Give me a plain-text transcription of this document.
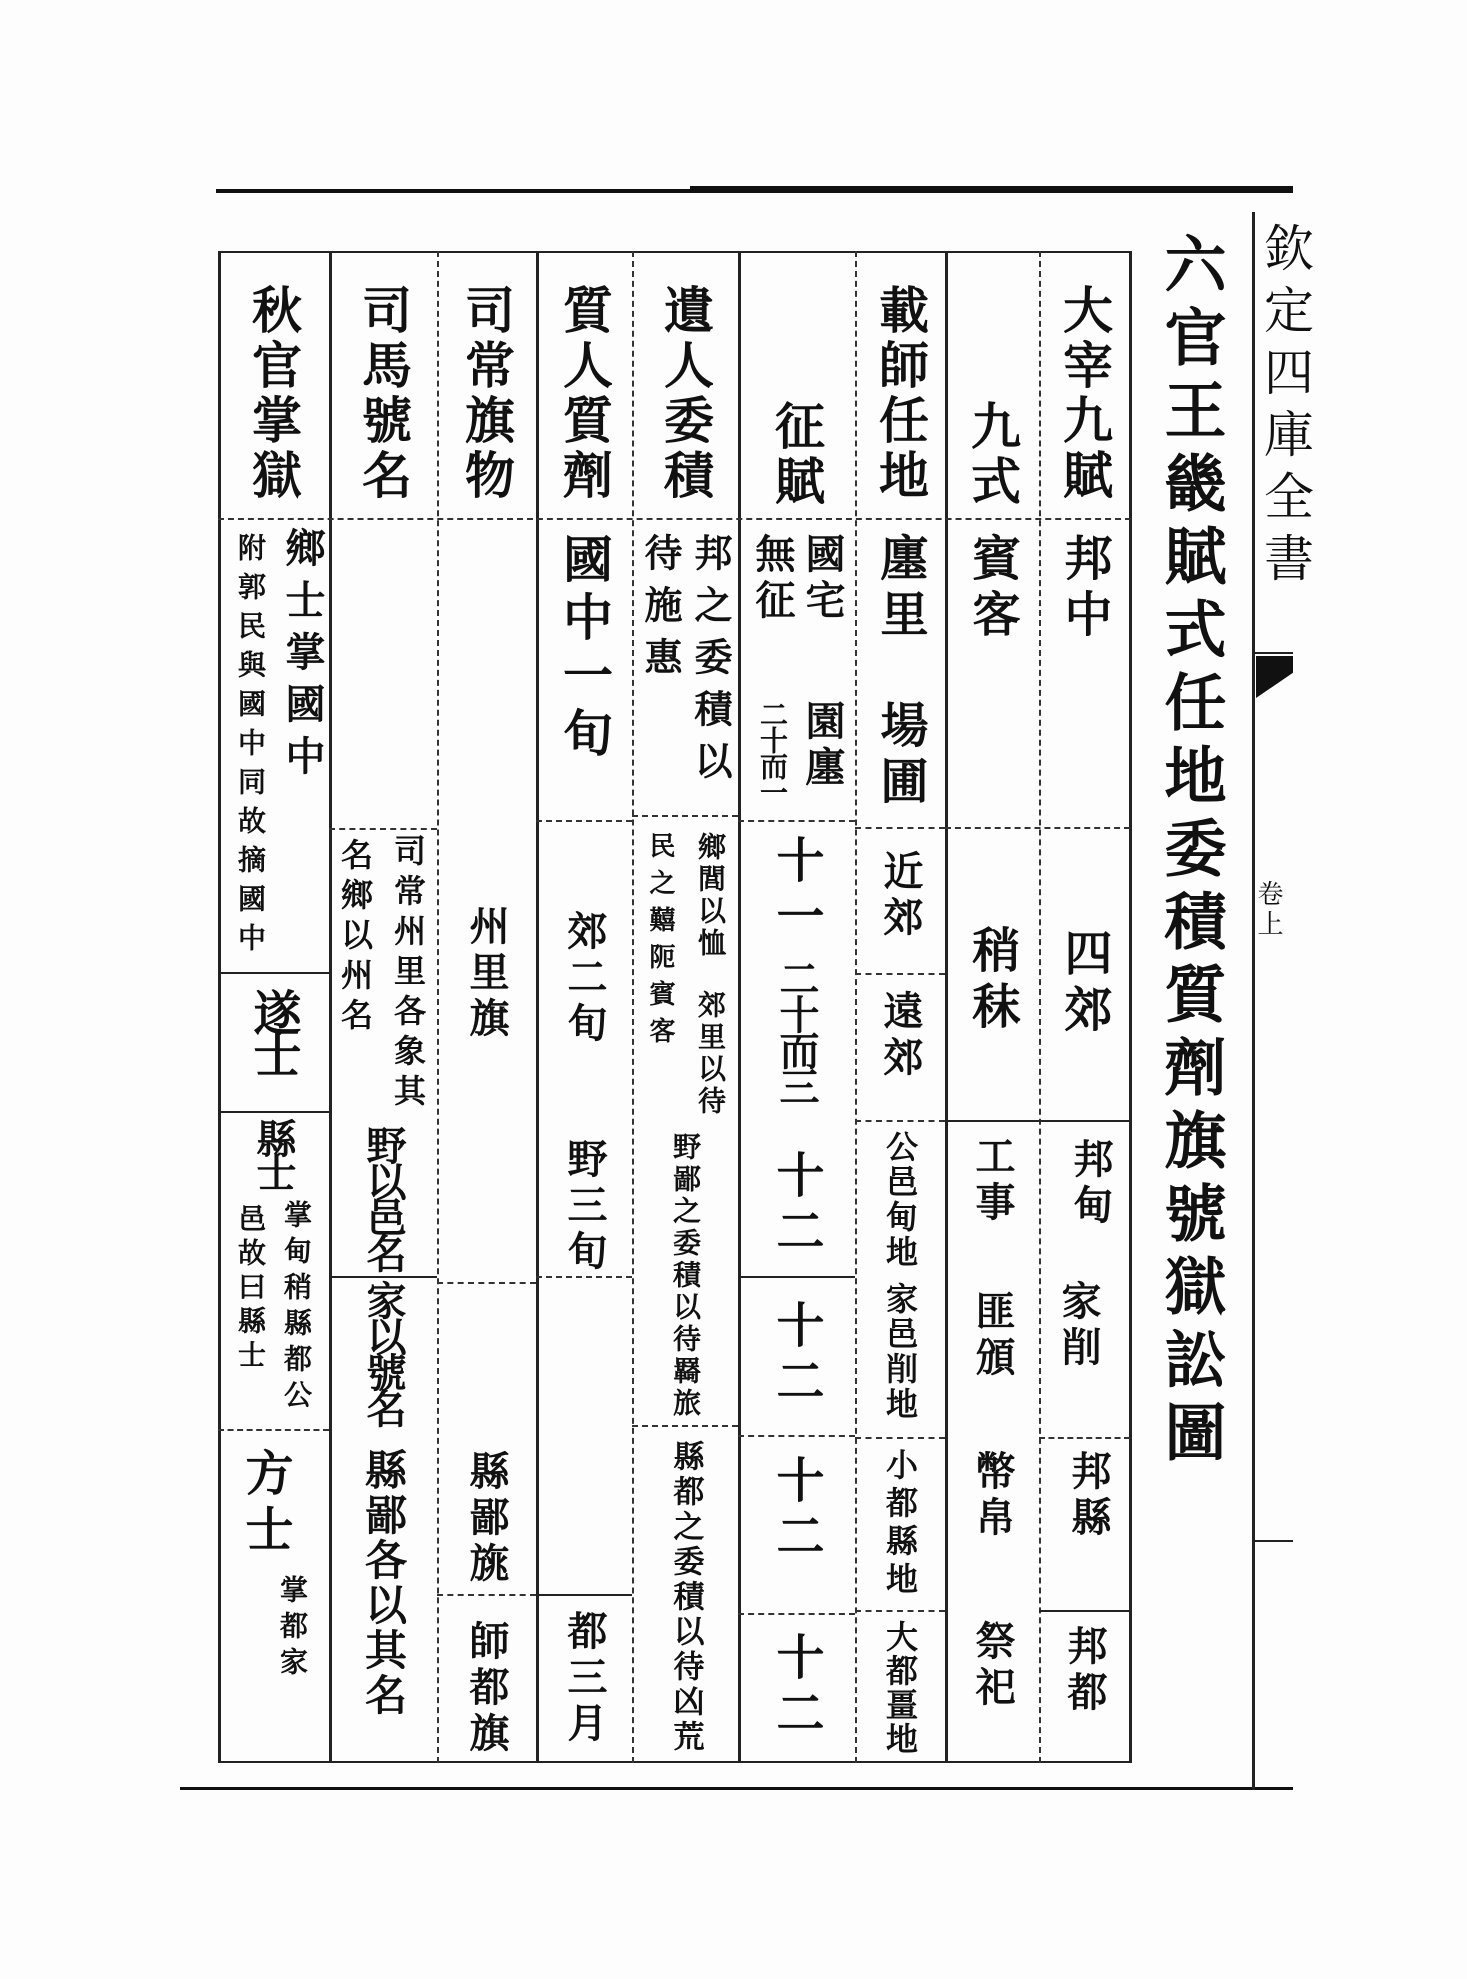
欽定四庫全書
卷上
六官王畿賦式任地委積質劑旗號獄訟圖
大宰九賦
邦中
四郊
邦甸
家削
邦縣
邦都
九式
賓客
稍秣
工事
匪頒
幣帛
祭祀
載師任地
廛里
場圃
近郊
遠郊
公邑甸地
家邑削地
小都縣地
大都畺地
征賦
國宅
無征
園廛
二十而一
十一
二十而三
十二
十二
十二
十二
遺人委積
邦之委積以
待施惠
鄉閭以恤
郊里以待
民之囏阨賓客
野鄙之委積以待羇旅
縣都之委積以待凶荒
質人質劑
國中一旬
郊二旬
野三旬
都三月
司常旗物
州里旗
縣鄙旐
師都旗
司馬號名
司常州里各象其
名鄉以州名
野以邑名
家以號名
縣鄙各以其名
秋官掌獄
鄉士掌國中
附郭民與國中同故摘國中
遂士
縣士
掌甸稍縣都公
邑故曰縣士
方士
掌都家
